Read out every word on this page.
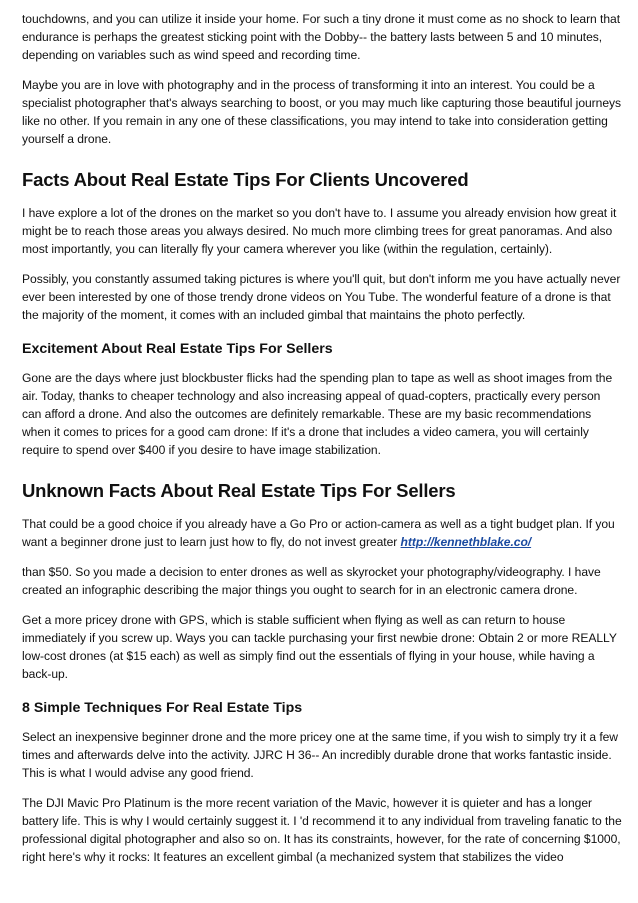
touchdowns, and you can utilize it inside your home. For such a tiny drone it must come as no shock to learn that endurance is perhaps the greatest sticking point with the Dobby-- the battery lasts between 5 and 10 minutes, depending on variables such as wind speed and recording time.

Maybe you are in love with photography and in the process of transforming it into an interest. You could be a specialist photographer that's always searching to boost, or you may much like capturing those beautiful journeys like no other. If you remain in any one of these classifications, you may intend to take into consideration getting yourself a drone.

Facts About Real Estate Tips For Clients Uncovered

I have explore a lot of the drones on the market so you don't have to. I assume you already envision how great it might be to reach those areas you always desired. No much more climbing trees for great panoramas. And also most importantly, you can literally fly your camera wherever you like (within the regulation, certainly).

Possibly, you constantly assumed taking pictures is where you'll quit, but don't inform me you have actually never ever been interested by one of those trendy drone videos on You Tube. The wonderful feature of a drone is that the majority of the moment, it comes with an included gimbal that maintains the photo perfectly.

Excitement About Real Estate Tips For Sellers

Gone are the days where just blockbuster flicks had the spending plan to tape as well as shoot images from the air. Today, thanks to cheaper technology and also increasing appeal of quad-copters, practically every person can afford a drone. And also the outcomes are definitely remarkable. These are my basic recommendations when it comes to prices for a good cam drone: If it's a drone that includes a video camera, you will certainly require to spend over $400 if you desire to have image stabilization.

Unknown Facts About Real Estate Tips For Sellers

That could be a good choice if you already have a Go Pro or action-camera as well as a tight budget plan. If you want a beginner drone just to learn just how to fly, do not invest greater http://kennethblake.co/

than $50. So you made a decision to enter drones as well as skyrocket your photography/videography. I have created an infographic describing the major things you ought to search for in an electronic camera drone.

Get a more pricey drone with GPS, which is stable sufficient when flying as well as can return to house immediately if you screw up. Ways you can tackle purchasing your first newbie drone: Obtain 2 or more REALLY low-cost drones (at $15 each) as well as simply find out the essentials of flying in your house, while having a back-up.

8 Simple Techniques For Real Estate Tips

Select an inexpensive beginner drone and the more pricey one at the same time, if you wish to simply try it a few times and afterwards delve into the activity. JJRC H 36-- An incredibly durable drone that works fantastic inside. This is what I would advise any good friend.

The DJI Mavic Pro Platinum is the more recent variation of the Mavic, however it is quieter and has a longer battery life. This is why I would certainly suggest it. I 'd recommend it to any individual from traveling fanatic to the professional digital photographer and also so on. It has its constraints, however, for the rate of concerning $1000, right here's why it rocks: It features an excellent gimbal (a mechanized system that stabilizes the video
